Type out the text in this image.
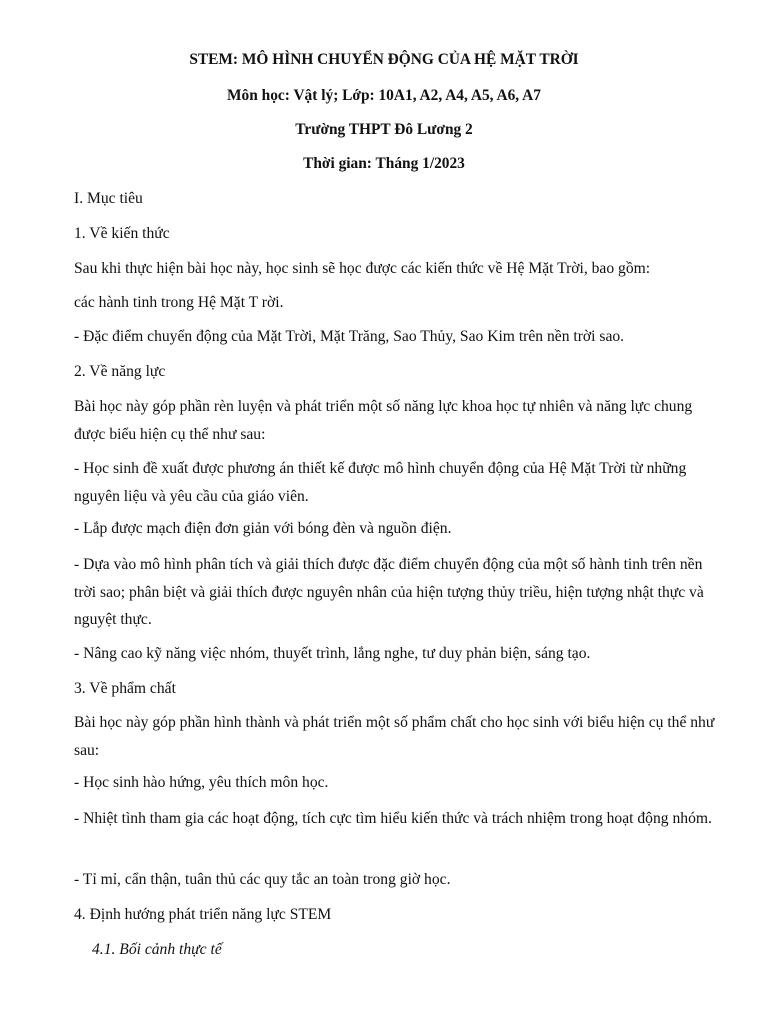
STEM: MÔ HÌNH CHUYỂN ĐỘNG CỦA HỆ MẶT TRỜI
Môn học: Vật lý; Lớp: 10A1, A2, A4, A5, A6, A7
Trường THPT Đô Lương 2
Thời gian: Tháng 1/2023
I. Mục tiêu
1. Về kiến thức
Sau khi thực hiện bài học này, học sinh sẽ học được các kiến thức về Hệ Mặt Trời, bao gồm:
các hành tinh trong Hệ Mặt T rời.
- Đặc điểm chuyển động của Mặt Trời, Mặt Trăng, Sao Thủy, Sao Kim trên nền trời sao.
2. Về năng lực
Bài học này góp phần rèn luyện và phát triển một số năng lực khoa học tự nhiên và năng lực chung được biểu hiện cụ thể như sau:
- Học sinh đề xuất được phương án thiết kế được mô hình chuyển động của Hệ Mặt Trời từ những nguyên liệu và yêu cầu của giáo viên.
- Lắp được mạch điện đơn giản với bóng đèn và nguồn điện.
- Dựa vào mô hình phân tích và giải thích được đặc điểm chuyển động của một số hành tinh trên nền trời sao; phân biệt và giải thích được nguyên nhân của hiện tượng thủy triều, hiện tượng nhật thực và nguyệt thực.
- Nâng cao kỹ năng việc nhóm, thuyết trình, lắng nghe, tư duy phản biện, sáng tạo.
3. Về phẩm chất
Bài học này góp phần hình thành và phát triển một số phẩm chất cho học sinh với biểu hiện cụ thể như sau:
- Học sinh hào hứng, yêu thích môn học.
- Nhiệt tình tham gia các hoạt động, tích cực tìm hiểu kiến thức và trách nhiệm trong hoạt động nhóm.
- Tỉ mỉ, cẩn thận, tuân thủ các quy tắc an toàn trong giờ học.
4. Định hướng phát triển năng lực STEM
4.1. Bối cảnh thực tế
